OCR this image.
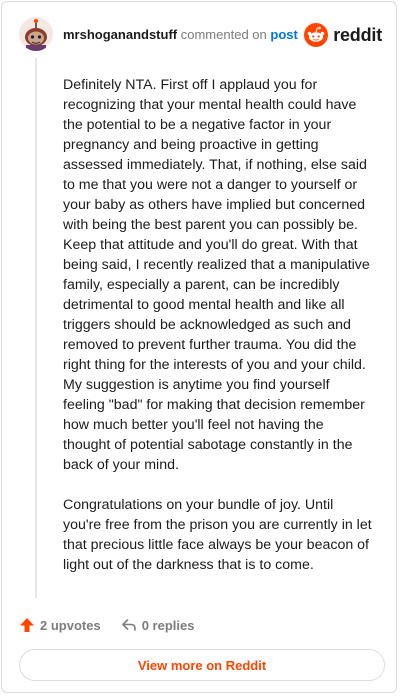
mrshoganandstuff commented on post reddit

Definitely NTA. First off I applaud you for recognizing that your mental health could have the potential to be a negative factor in your pregnancy and being proactive in getting assessed immediately. That, if nothing, else said to me that you were not a danger to yourself or your baby as others have implied but concerned with being the best parent you can possibly be. Keep that attitude and you'll do great. With that being said, I recently realized that a manipulative family, especially a parent, can be incredibly detrimental to good mental health and like all triggers should be acknowledged as such and removed to prevent further trauma. You did the right thing for the interests of you and your child. My suggestion is anytime you find yourself feeling "bad" for making that decision remember how much better you'll feel not having the thought of potential sabotage constantly in the back of your mind.

Congratulations on your bundle of joy. Until you're free from the prison you are currently in let that precious little face always be your beacon of light out of the darkness that is to come.

2 upvotes	0 replies
View more on Reddit
